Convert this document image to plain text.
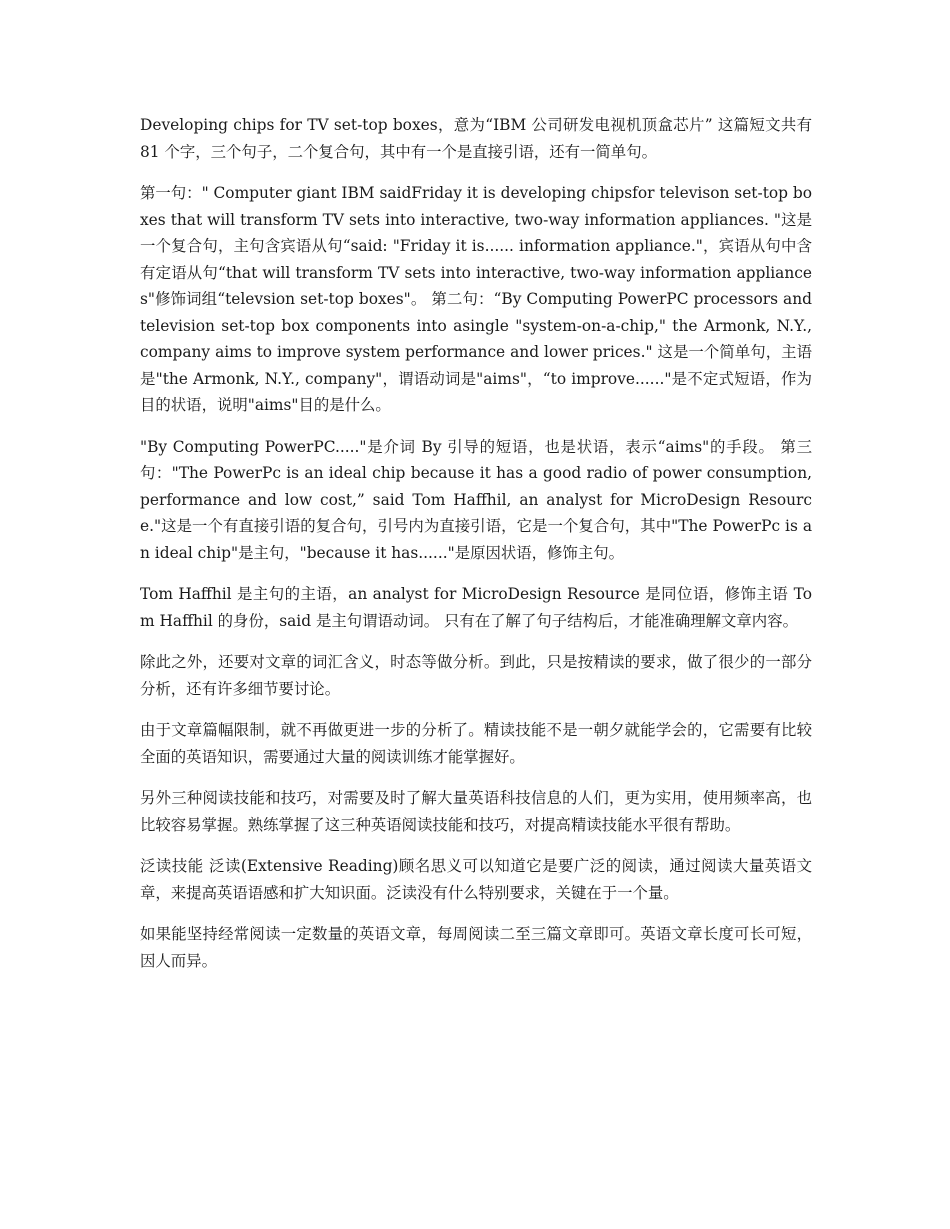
Developing chips for TV set-top boxes，意为“IBM 公司研发电视机顶盒芯片” 这篇短文共有 81 个字，三个句子，二个复合句，其中有一个是直接引语，还有一简单句。

第一句：" Computer giant IBM saidFriday it is developing chipsfor televison set-top boxes that will transform TV sets into interactive, two-way information appliances. "这是一个复合句，主句含宾语从句“said: "Friday it is...... information appliance."，宾语从句中含有定语从句“that will transform TV sets into interactive, two-way information appliances"修饰词组“televsion set-top boxes"。 第二句：“By Computing PowerPC processors and television set-top box components into asingle "system-on-a-chip," the Armonk, N.Y., company aims to improve system performance and lower prices." 这是一个简单句，主语是"the Armonk, N.Y., company"，谓语动词是"aims"，“to improve......"是不定式短语，作为目的状语，说明"aims"目的是什么。

"By Computing PowerPC....."是介词 By 引导的短语，也是状语，表示“aims"的手段。 第三句："The PowerPc is an ideal chip because it has a good radio of power consumption, performance and low cost,” said Tom Haffhil, an analyst for MicroDesign Resource."这是一个有直接引语的复合句，引号内为直接引语，它是一个复合句，其中"The PowerPc is an ideal chip"是主句，"because it has......"是原因状语，修饰主句。

Tom Haffhil 是主句的主语，an analyst for MicroDesign Resource 是同位语，修饰主语 Tom Haffhil 的身份，said 是主句谓语动词。 只有在了解了句子结构后，才能准确理解文章内容。

除此之外，还要对文章的词汇含义，时态等做分析。到此，只是按精读的要求，做了很少的一部分分析，还有许多细节要讨论。

由于文章篇幅限制，就不再做更进一步的分析了。精读技能不是一朝夕就能学会的，它需要有比较全面的英语知识，需要通过大量的阅读训练才能掌握好。

另外三种阅读技能和技巧，对需要及时了解大量英语科技信息的人们，更为实用，使用频率高，也比较容易掌握。熟练掌握了这三种英语阅读技能和技巧，对提高精读技能水平很有帮助。

泛读技能 泛读(Extensive Reading)顾名思义可以知道它是要广泛的阅读，通过阅读大量英语文章，来提高英语语感和扩大知识面。泛读没有什么特别要求，关键在于一个量。

如果能坚持经常阅读一定数量的英语文章，每周阅读二至三篇文章即可。英语文章长度可长可短，因人而异。
